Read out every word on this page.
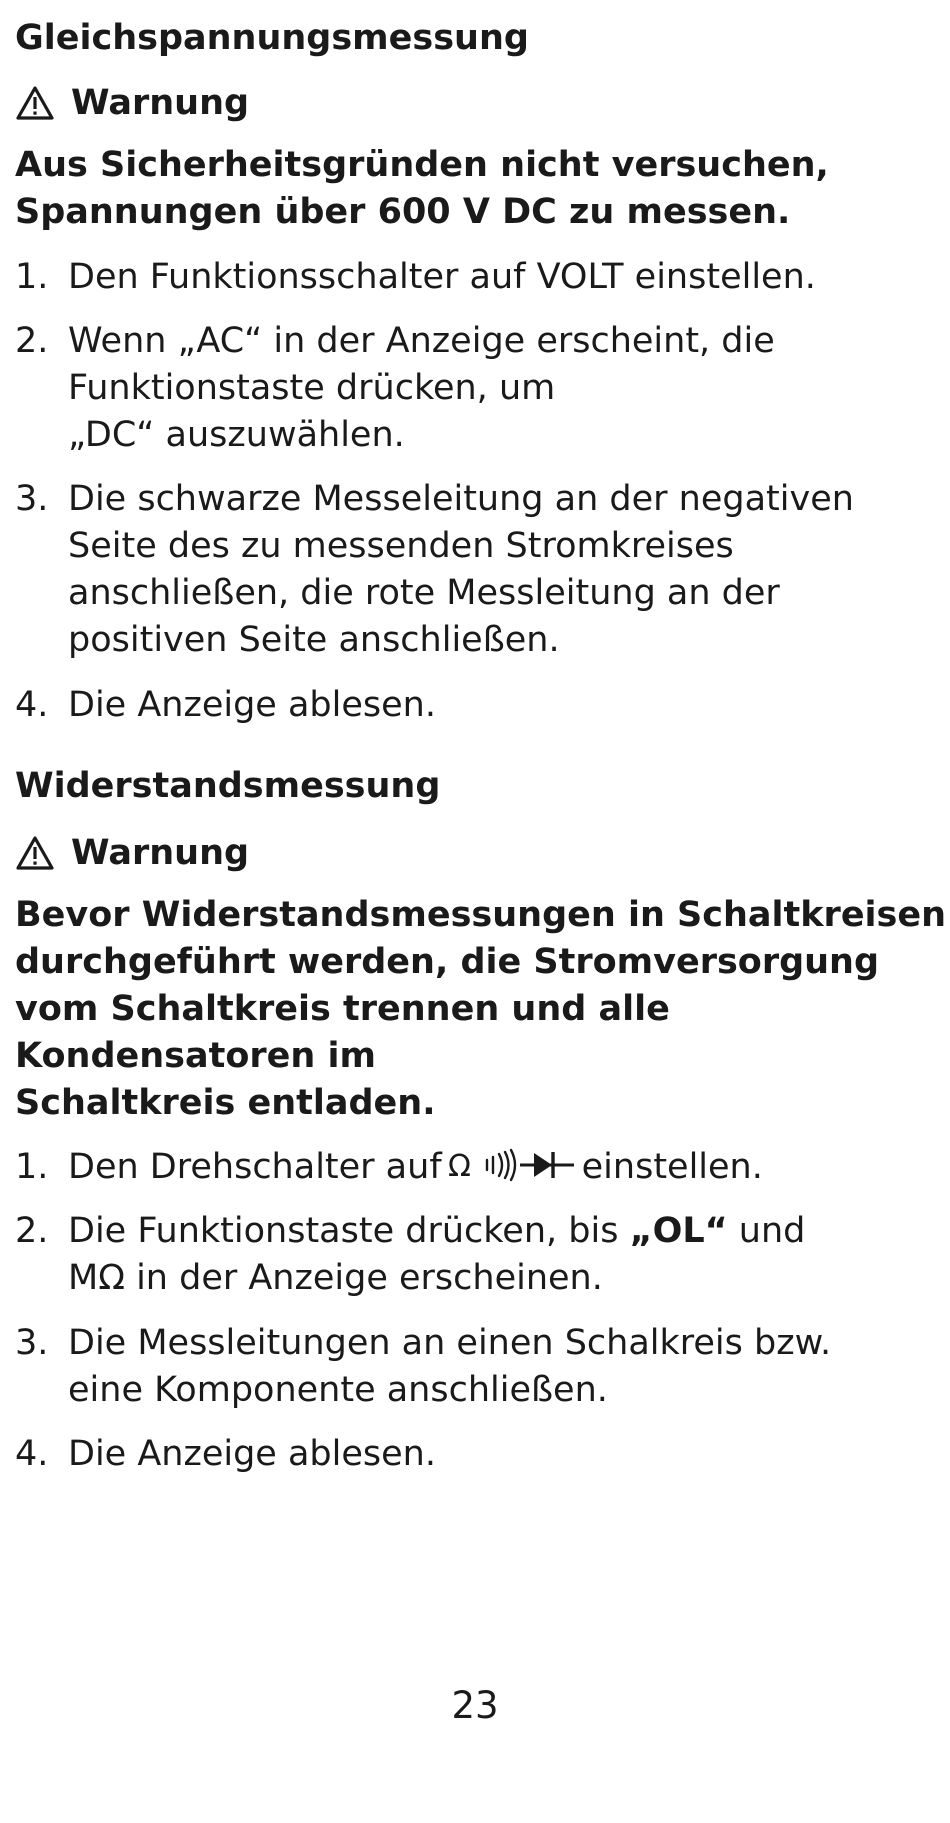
Gleichspannungsmessung
Warnung
Aus Sicherheitsgründen nicht versuchen,
Spannungen über 600 V DC zu messen.
1. Den Funktionsschalter auf VOLT einstellen.
2. Wenn „AC“ in der Anzeige erscheint, die
Funktionstaste drücken, um
„DC“ auszuwählen.
3. Die schwarze Messeleitung an der negativen
Seite des zu messenden Stromkreises
anschließen, die rote Messleitung an der
positiven Seite anschließen.
4. Die Anzeige ablesen.
Widerstandsmessung
Warnung
Bevor Widerstandsmessungen in Schaltkreisen
durchgeführt werden, die Stromversorgung
vom Schaltkreis trennen und alle
Kondensatoren im
Schaltkreis entladen.
1. Den Drehschalter auf Ω	einstellen.
2. Die Funktionstaste drücken, bis „OL“ und
MΩ in der Anzeige erscheinen.
3. Die Messleitungen an einen Schalkreis bzw.
eine Komponente anschließen.
4. Die Anzeige ablesen.
23
